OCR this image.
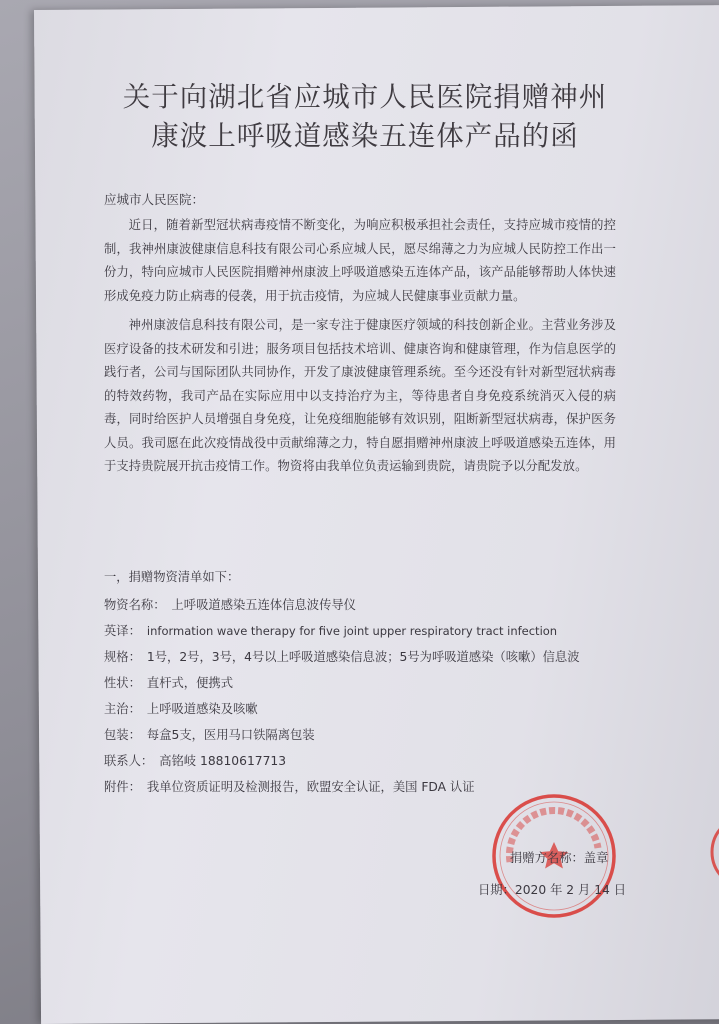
关于向湖北省应城市人民医院捐赠神州
康波上呼吸道感染五连体产品的函
应城市人民医院：

近日，随着新型冠状病毒疫情不断变化，为响应积极承担社会责任，支持应城市疫情的控制，我神州康波健康信息科技有限公司心系应城人民，愿尽绵薄之力为应城人民防控工作出一份力，特向应城市人民医院捐赠神州康波上呼吸道感染五连体产品，该产品能够帮助人体快速形成免疫力防止病毒的侵袭，用于抗击疫情，为应城人民健康事业贡献力量。

神州康波信息科技有限公司，是一家专注于健康医疗领域的科技创新企业。主营业务涉及医疗设备的技术研发和引进；服务项目包括技术培训、健康咨询和健康管理，作为信息医学的践行者，公司与国际团队共同协作，开发了康波健康管理系统。至今还没有针对新型冠状病毒的特效药物，我司产品在实际应用中以支持治疗为主，等待患者自身免疫系统消灭入侵的病毒，同时给医护人员增强自身免疫，让免疫细胞能够有效识别，阻断新型冠状病毒，保护医务人员。我司愿在此次疫情战役中贡献绵薄之力，特自愿捐赠神州康波上呼吸道感染五连体，用于支持贵院展开抗击疫情工作。物资将由我单位负责运输到贵院，请贵院予以分配发放。

一，捐赠物资清单如下：
物资名称： 上呼吸道感染五连体信息波传导仪
英译： information wave therapy for five joint upper respiratory tract infection
规格： 1号，2号，3号，4号以上呼吸道感染信息波；5号为呼吸道感染（咳嗽）信息波
性状： 直杆式，便携式
主治： 上呼吸道感染及咳嗽
包装： 每盒5支，医用马口铁隔离包装
联系人： 高铭岐 18810617713
附件： 我单位资质证明及检测报告，欧盟安全认证，美国 FDA 认证
捐赠方名称：盖章
日期：2020 年 2 月 14 日
